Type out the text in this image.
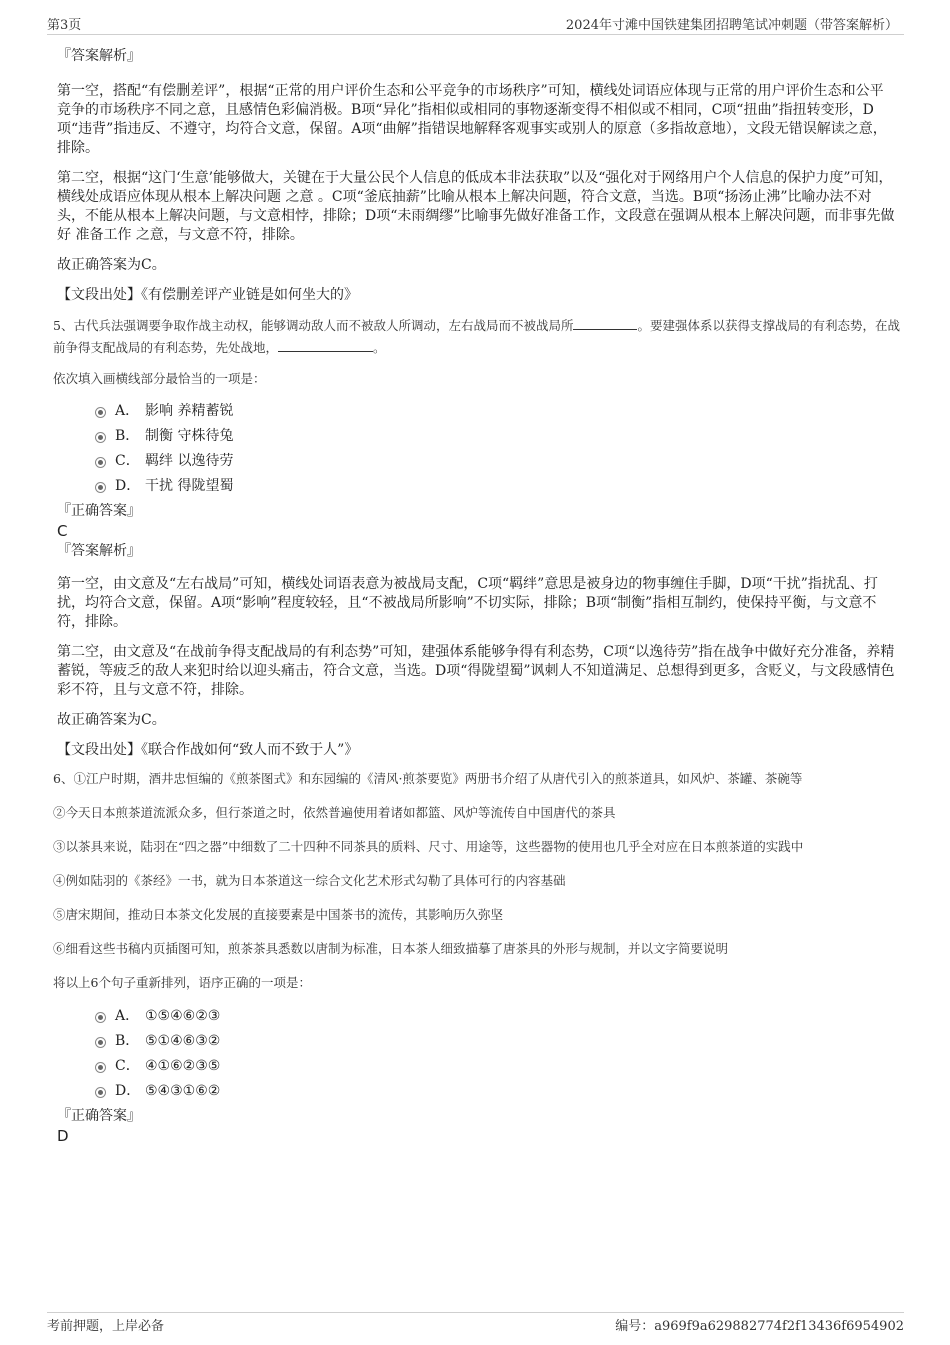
第3页	2024年寸滩中国铁建集团招聘笔试冲刺题（带答案解析）
『答案解析』

第一空，搭配“有偿删差评”，根据“正常的用户评价生态和公平竞争的市场秩序”可知，横线处词语应体现与正常的用户评价生态和公平竞争的市场秩序不同之意，且感情色彩偏消极。B项“异化”指相似或相同的事物逐渐变得不相似或不相同，C项“扭曲”指扭转变形，D项“违背”指违反、不遵守，均符合文意，保留。A项“曲解”指错误地解释客观事实或别人的原意（多指故意地），文段无错误解读之意，排除。

第二空，根据“这门‘生意’能够做大，关键在于大量公民个人信息的低成本非法获取”以及“强化对于网络用户个人信息的保护力度”可知，横线处成语应体现从根本上解决问题 之意 。C项“釜底抽薪”比喻从根本上解决问题，符合文意，当选。B项“扬汤止沸”比喻办法不对头，不能从根本上解决问题，与文意相悖，排除；D项“未雨绸缪”比喻事先做好准备工作，文段意在强调从根本上解决问题，而非事先做好 准备工作 之意，与文意不符，排除。

故正确答案为C。

【文段出处】《有偿删差评产业链是如何坐大的》

5、古代兵法强调要争取作战主动权，能够调动敌人而不被敌人所调动，左右战局而不被战局所	。要建强体系以获得支撑战局的有利态势，在战前争得支配战局的有利态势，先处战地，	。
依次填入画横线部分最恰当的一项是：
A． 影响 养精蓄锐
B． 制衡 守株待兔
C． 羁绊 以逸待劳
D． 干扰 得陇望蜀
『正确答案』
C
『答案解析』

第一空，由文意及“左右战局”可知，横线处词语表意为被战局支配，C项“羁绊”意思是被身边的物事缠住手脚，D项“干扰”指扰乱、打扰，均符合文意，保留。A项“影响”程度较轻，且“不被战局所影响”不切实际，排除；B项“制衡”指相互制约，使保持平衡，与文意不符，排除。

第二空，由文意及“在战前争得支配战局的有利态势”可知，建强体系能够争得有利态势，C项“以逸待劳”指在战争中做好充分准备，养精蓄锐，等疲乏的敌人来犯时给以迎头痛击，符合文意，当选。D项“得陇望蜀”讽刺人不知道满足、总想得到更多，含贬义，与文段感情色彩不符，且与文意不符，排除。

故正确答案为C。

【文段出处】《联合作战如何“致人而不致于人”》

6、①江户时期，酒井忠恒编的《煎茶图式》和东园编的《清风·煎茶要览》两册书介绍了从唐代引入的煎茶道具，如风炉、茶罐、茶碗等
②今天日本煎茶道流派众多，但行茶道之时，依然普遍使用着诸如都篮、风炉等流传自中国唐代的茶具
③以茶具来说，陆羽在“四之器”中细数了二十四种不同茶具的质料、尺寸、用途等，这些器物的使用也几乎全对应在日本煎茶道的实践中
④例如陆羽的《茶经》一书，就为日本茶道这一综合文化艺术形式勾勒了具体可行的内容基础
⑤唐宋期间，推动日本茶文化发展的直接要素是中国茶书的流传，其影响历久弥坚
⑥细看这些书稿内页插图可知，煎茶茶具悉数以唐制为标准，日本茶人细致描摹了唐茶具的外形与规制，并以文字简要说明
将以上6个句子重新排列，语序正确的一项是：
A． ①⑤④⑥②③
B． ⑤①④⑥③②
C． ④①⑥②③⑤
D． ⑤④③①⑥②
『正确答案』
D
考前押题，上岸必备	编号：a969f9a629882774f2f13436f6954902
